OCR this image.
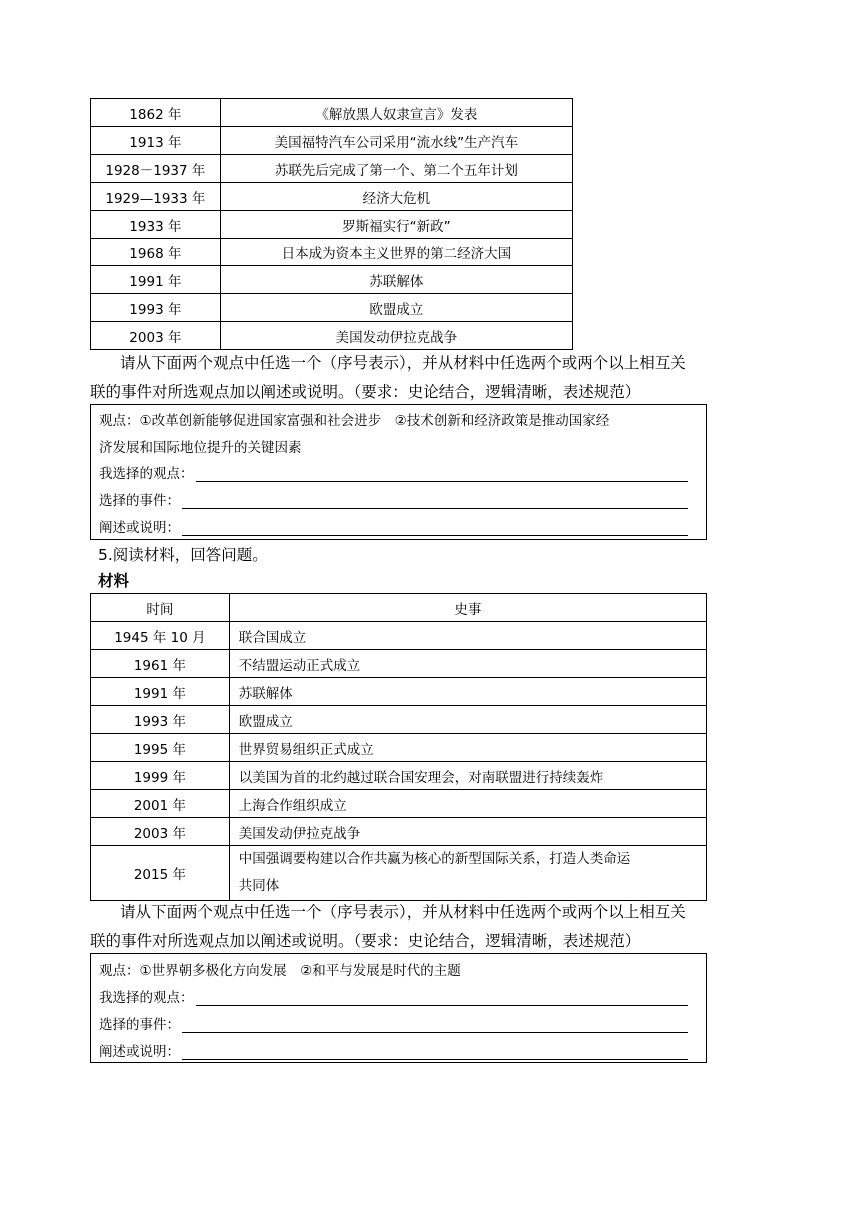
1862 年	《解放黑人奴隶宣言》发表
1913 年	美国福特汽车公司采用“流水线”生产汽车
1928－1937 年	苏联先后完成了第一个、第二个五年计划
1929—1933 年	经济大危机
1933 年	罗斯福实行“新政”
1968 年	日本成为资本主义世界的第二经济大国
1991 年	苏联解体
1993 年	欧盟成立
2003 年	美国发动伊拉克战争
请从下面两个观点中任选一个（序号表示），并从材料中任选两个或两个以上相互关
联的事件对所选观点加以阐述或说明。（要求：史论结合，逻辑清晰，表述规范）
观点：①改革创新能够促进国家富强和社会进步　②技术创新和经济政策是推动国家经
济发展和国际地位提升的关键因素
我选择的观点：
选择的事件：
阐述或说明：
5.阅读材料，回答问题。
材料
时间	史事
1945 年 10 月	联合国成立
1961 年	不结盟运动正式成立
1991 年	苏联解体
1993 年	欧盟成立
1995 年	世界贸易组织正式成立
1999 年	以美国为首的北约越过联合国安理会，对南联盟进行持续轰炸
2001 年	上海合作组织成立
2003 年	美国发动伊拉克战争
2015 年	中国强调要构建以合作共赢为核心的新型国际关系，打造人类命运
共同体
请从下面两个观点中任选一个（序号表示），并从材料中任选两个或两个以上相互关
联的事件对所选观点加以阐述或说明。（要求：史论结合，逻辑清晰，表述规范）
观点：①世界朝多极化方向发展　②和平与发展是时代的主题
我选择的观点：
选择的事件：
阐述或说明：
